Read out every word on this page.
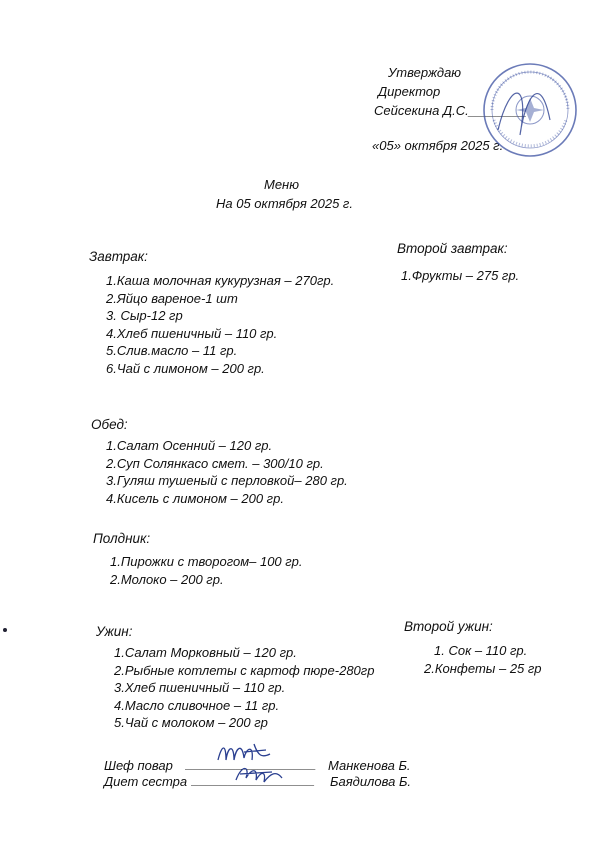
Утверждаю
Директор
Сейсекина Д.С.________
«05» октября 2025 г.
Меню
На 05 октября 2025 г.
Завтрак:
1.Каша молочная кукурузная – 270гр.
2.Яйцо вареное-1 шт
3. Сыр-12 гр
4.Хлеб пшеничный – 110 гр.
5.Слив.масло – 11 гр.
6.Чай с лимоном – 200 гр.
Второй завтрак:
1.Фрукты – 275 гр.
Обед:
1.Салат Осенний – 120 гр.
2.Суп Солянкасо смет. – 300/10 гр.
3.Гуляш тушеный с перловкой– 280 гр.
4.Кисель с лимоном – 200 гр.
Полдник:
1.Пирожки с творогом– 100 гр.
2.Молоко – 200 гр.
Ужин:
1.Салат Морковный – 120 гр.
2.Рыбные котлеты с картоф пюре-280гр
3.Хлеб пшеничный – 110 гр.
4.Масло сливочное – 11 гр.
5.Чай с молоком – 200 гр
Второй ужин:
1. Сок – 110 гр.
2.Конфеты – 25 гр
Шеф повар __________________ Манкенова Б.
Диет сестра _________________ Баядилова Б.
